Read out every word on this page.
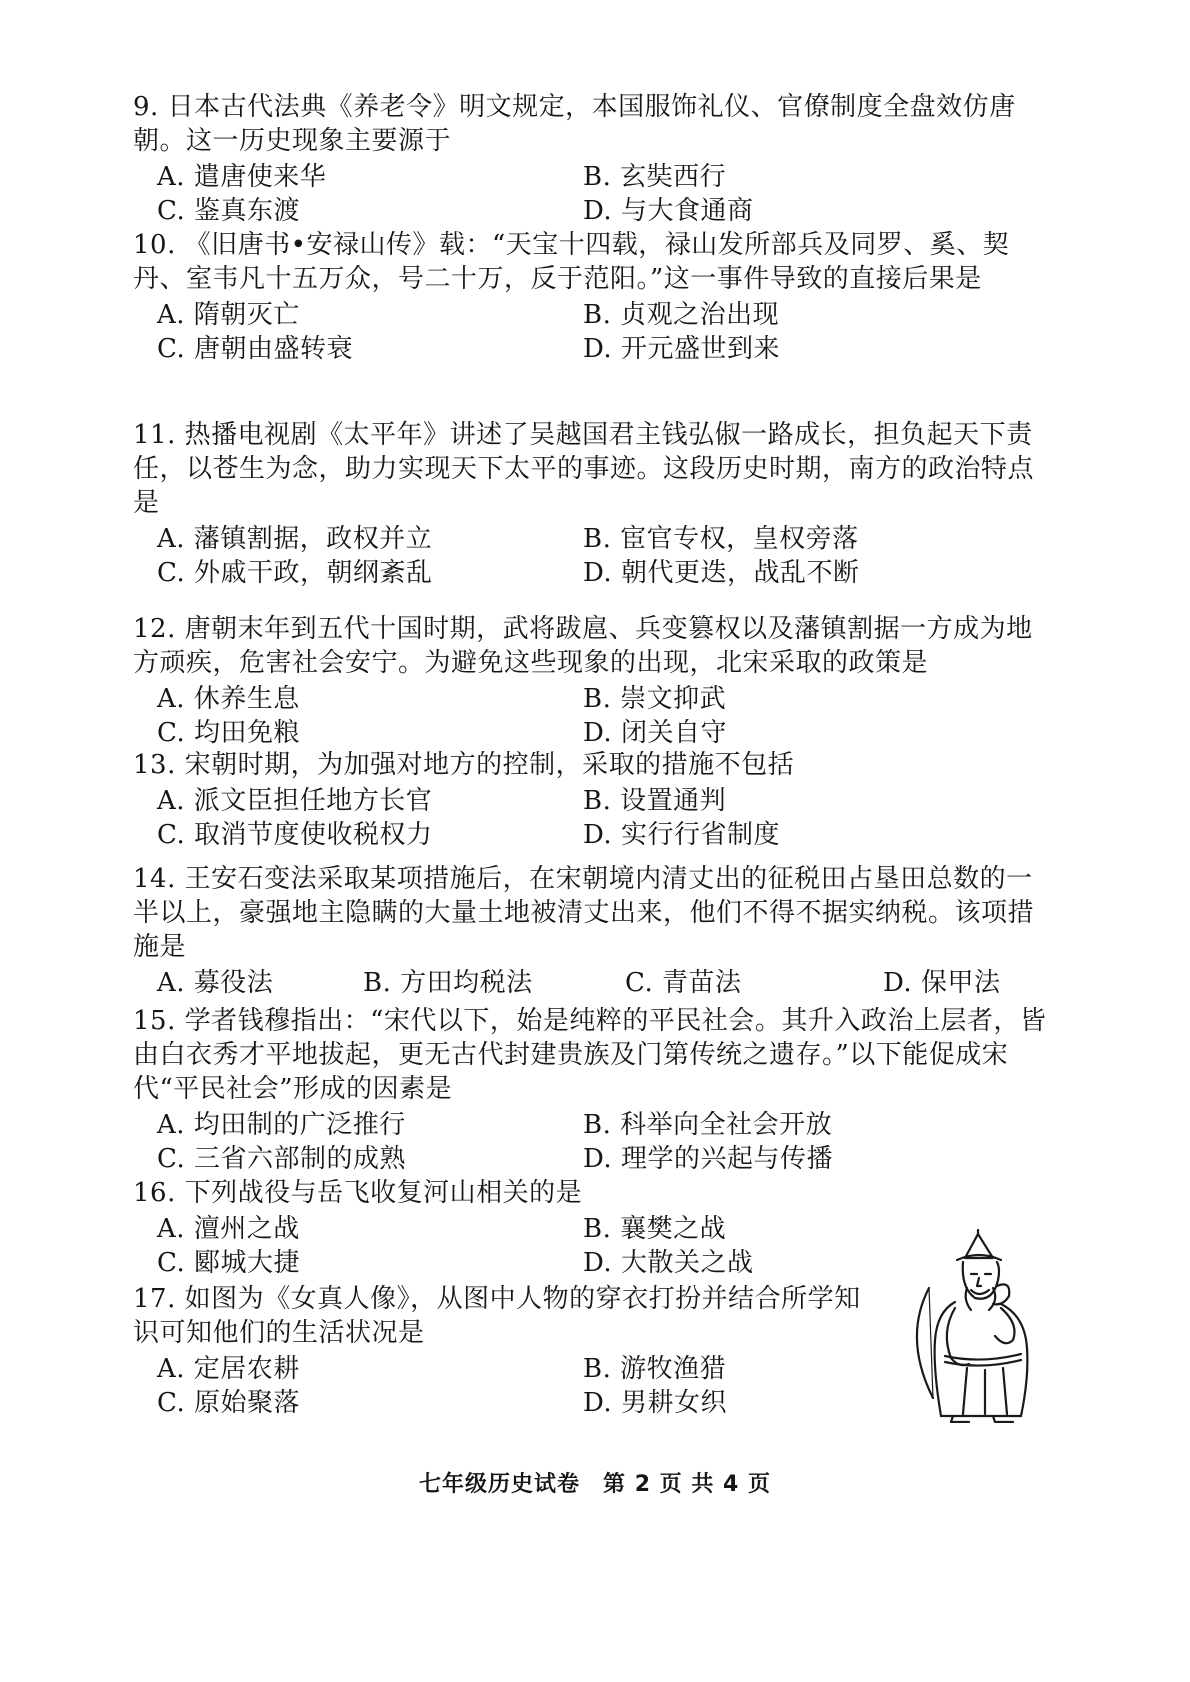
9. 日本古代法典《养老令》明文规定，本国服饰礼仪、官僚制度全盘效仿唐朝。这一历史现象主要源于

A. 遣唐使来华	B. 玄奘西行
C. 鉴真东渡	D. 与大食通商

10. 《旧唐书•安禄山传》载：“天宝十四载，禄山发所部兵及同罗、奚、契丹、室韦凡十五万众，号二十万，反于范阳。”这一事件导致的直接后果是

A. 隋朝灭亡	B. 贞观之治出现
C. 唐朝由盛转衰	D. 开元盛世到来

11. 热播电视剧《太平年》讲述了吴越国君主钱弘俶一路成长，担负起天下责任，以苍生为念，助力实现天下太平的事迹。这段历史时期，南方的政治特点是

A. 藩镇割据，政权并立	B. 宦官专权，皇权旁落
C. 外戚干政，朝纲紊乱	D. 朝代更迭，战乱不断

12. 唐朝末年到五代十国时期，武将跋扈、兵变篡权以及藩镇割据一方成为地方顽疾，危害社会安宁。为避免这些现象的出现，北宋采取的政策是

A. 休养生息	B. 崇文抑武
C. 均田免粮	D. 闭关自守

13. 宋朝时期，为加强对地方的控制，采取的措施不包括

A. 派文臣担任地方长官	B. 设置通判
C. 取消节度使收税权力	D. 实行行省制度

14. 王安石变法采取某项措施后，在宋朝境内清丈出的征税田占垦田总数的一半以上，豪强地主隐瞒的大量土地被清丈出来，他们不得不据实纳税。该项措施是

A. 募役法	B. 方田均税法	C. 青苗法	D. 保甲法

15. 学者钱穆指出：“宋代以下，始是纯粹的平民社会。其升入政治上层者，皆由白衣秀才平地拔起，更无古代封建贵族及门第传统之遗存。”以下能促成宋代“平民社会”形成的因素是

A. 均田制的广泛推行	B. 科举向全社会开放
C. 三省六部制的成熟	D. 理学的兴起与传播

16. 下列战役与岳飞收复河山相关的是

A. 澶州之战	B. 襄樊之战
C. 郾城大捷	D. 大散关之战

17. 如图为《女真人像》，从图中人物的穿衣打扮并结合所学知识可知他们的生活状况是

A. 定居农耕	B. 游牧渔猎
C. 原始聚落	D. 男耕女织
七年级历史试卷　第 2 页 共 4 页
